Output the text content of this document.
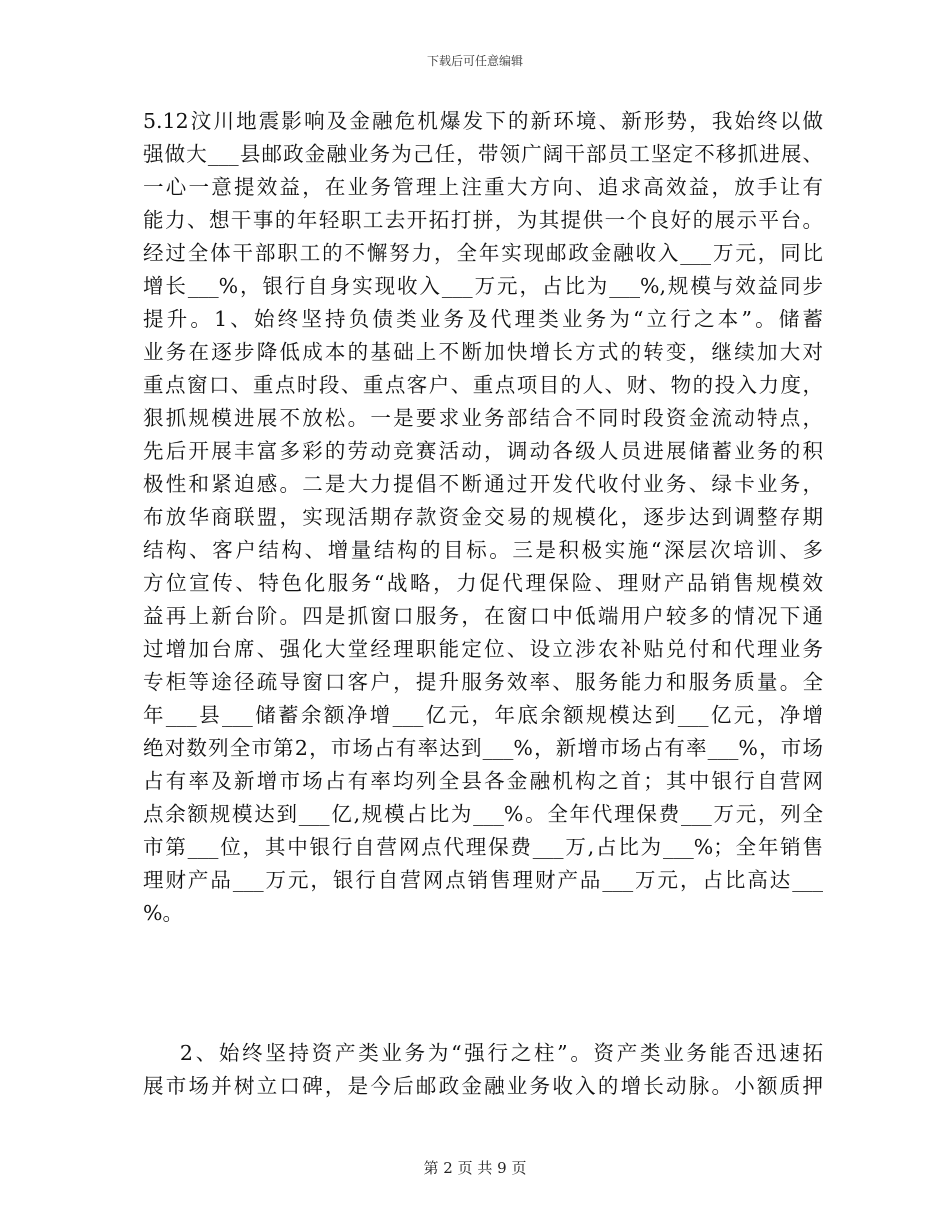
下载后可任意编辑
5.12汶川地震影响及金融危机爆发下的新环境、新形势，我始终以做
强做大___县邮政金融业务为己任，带领广阔干部员工坚定不移抓进展、
一心一意提效益，在业务管理上注重大方向、追求高效益，放手让有
能力、想干事的年轻职工去开拓打拼，为其提供一个良好的展示平台。
经过全体干部职工的不懈努力，全年实现邮政金融收入___万元，同比
增长___%，银行自身实现收入___万元，占比为___%,规模与效益同步
提升。1、始终坚持负债类业务及代理类业务为“立行之本”。储蓄
业务在逐步降低成本的基础上不断加快增长方式的转变，继续加大对
重点窗口、重点时段、重点客户、重点项目的人、财、物的投入力度，
狠抓规模进展不放松。一是要求业务部结合不同时段资金流动特点，
先后开展丰富多彩的劳动竞赛活动，调动各级人员进展储蓄业务的积
极性和紧迫感。二是大力提倡不断通过开发代收付业务、绿卡业务，
布放华商联盟，实现活期存款资金交易的规模化，逐步达到调整存期
结构、客户结构、增量结构的目标。三是积极实施“深层次培训、多
方位宣传、特色化服务“战略，力促代理保险、理财产品销售规模效
益再上新台阶。四是抓窗口服务，在窗口中低端用户较多的情况下通
过增加台席、强化大堂经理职能定位、设立涉农补贴兑付和代理业务
专柜等途径疏导窗口客户，提升服务效率、服务能力和服务质量。全
年___县___储蓄余额净增___亿元，年底余额规模达到___亿元，净增
绝对数列全市第2，市场占有率达到___%，新增市场占有率___%，市场
占有率及新增市场占有率均列全县各金融机构之首；其中银行自营网
点余额规模达到___亿,规模占比为___%。全年代理保费___万元，列全
市第___位，其中银行自营网点代理保费___万,占比为___%；全年销售
理财产品___万元，银行自营网点销售理财产品___万元，占比高达___
%。
2、始终坚持资产类业务为“强行之柱”。资产类业务能否迅速拓
展市场并树立口碑，是今后邮政金融业务收入的增长动脉。小额质押
第 2 页 共 9 页
